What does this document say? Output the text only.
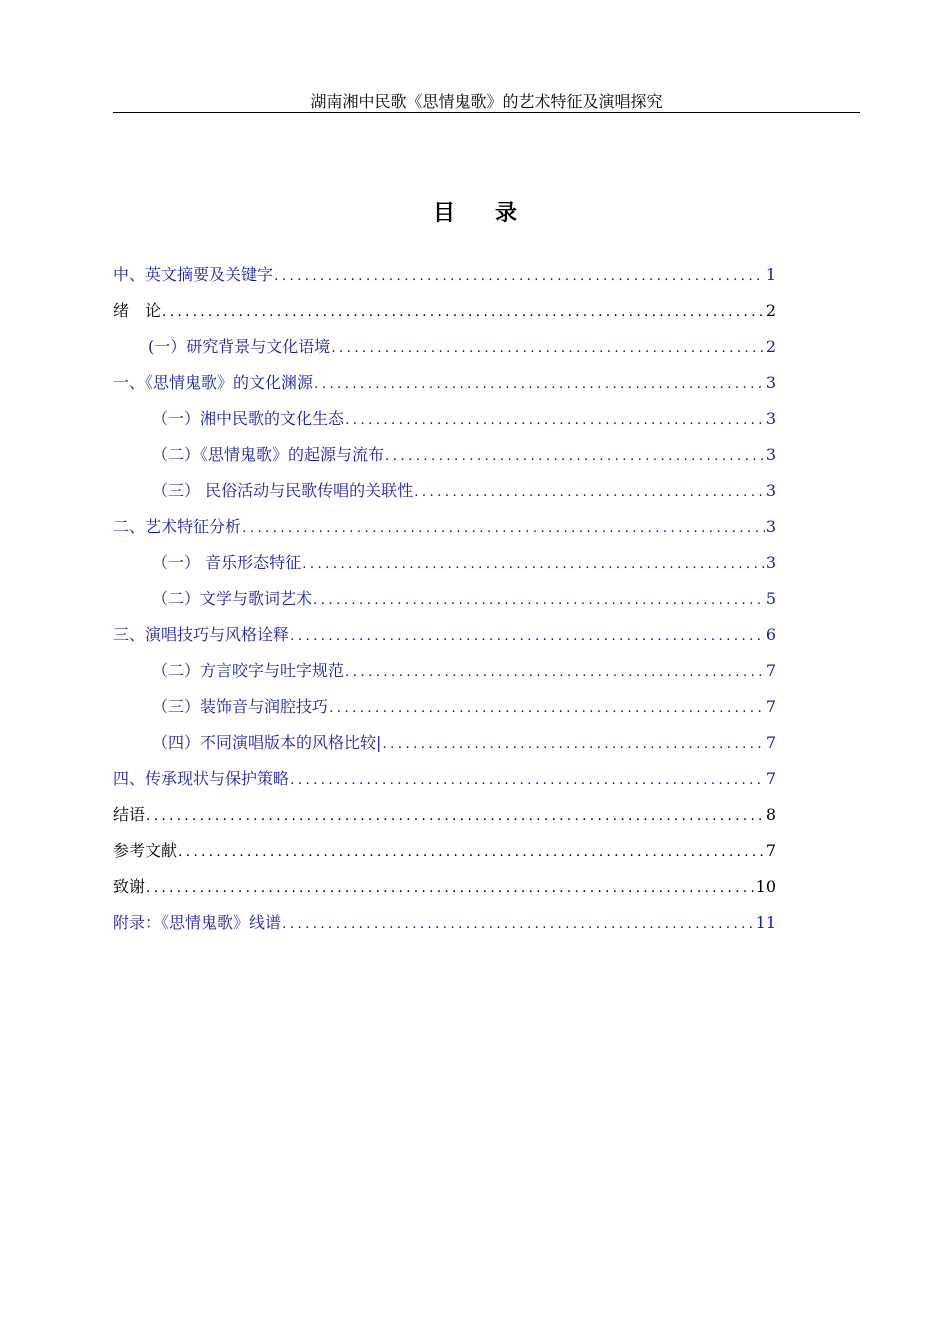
湖南湘中民歌《思情鬼歌》的艺术特征及演唱探究
目录
中、英文摘要及关键字 .....	1
绪　论 .....	2
(一）研究背景与文化语境 .....	2
一、《思情鬼歌》的文化渊源 .....	3
（一）湘中民歌的文化生态 .....	3
（二）《思情鬼歌》的起源与流布 .....	3
（三） 民俗活动与民歌传唱的关联性 .....	3
二、艺术特征分析 .....	3
（一） 音乐形态特征 .....	3
（二）文学与歌词艺术 .....	5
三、演唱技巧与风格诠释 .....	6
（二）方言咬字与吐字规范 .....	7
（三）装饰音与润腔技巧 .....	7
（四）不同演唱版本的风格比较| .....	7
四、传承现状与保护策略 .....	7
结语 .....	8
参考文献 .....	7
致谢 .....	10
附录：《思情鬼歌》线谱 .....	11
